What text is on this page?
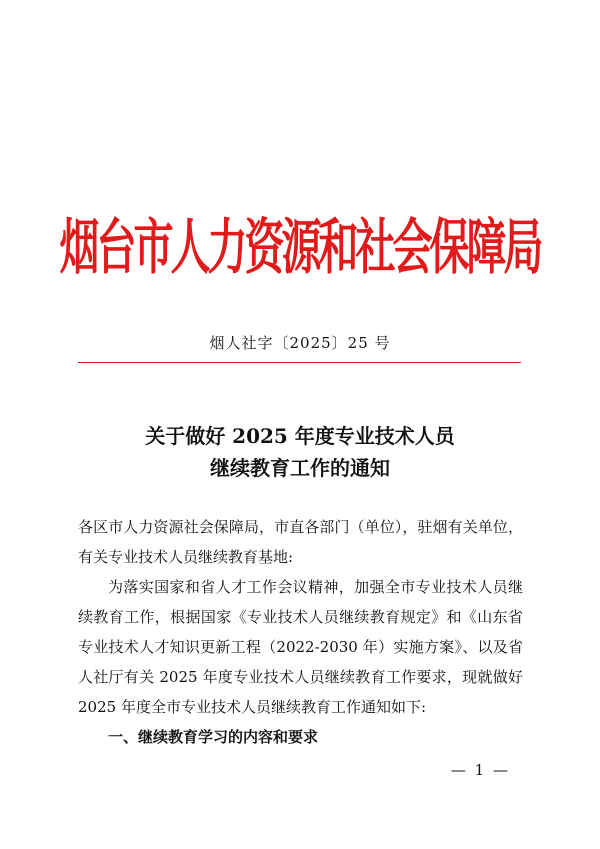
烟台市人力资源和社会保障局
烟人社字〔2025〕25 号
关于做好 2025 年度专业技术人员
继续教育工作的通知

各区市人力资源社会保障局，市直各部门（单位），驻烟有关单位，有关专业技术人员继续教育基地:

为落实国家和省人才工作会议精神，加强全市专业技术人员继续教育工作，根据国家《专业技术人员继续教育规定》和《山东省专业技术人才知识更新工程（2022-2030 年）实施方案》、以及省人社厅有关 2025 年度专业技术人员继续教育工作要求，现就做好 2025 年度全市专业技术人员继续教育工作通知如下:

一、继续教育学习的内容和要求

— 1 —
